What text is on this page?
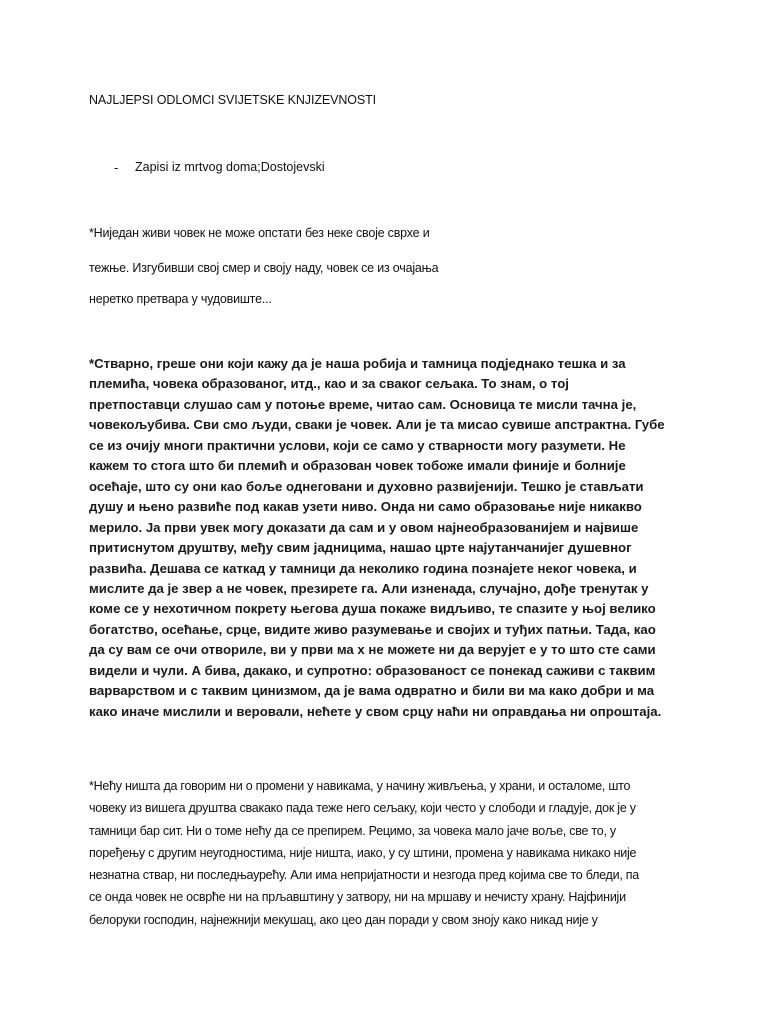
NAJLJEPSI ODLOMCI SVIJETSKE KNJIZEVNOSTI
- Zapisi iz mrtvog doma;Dostojevski
*Ниједан живи човек не може опстати без неке своје сврхе и
тежње. Изгубивши свој смер и своју наду, човек се из очајања
неретко претвара у чудовиште...
*Стварно, греше они који кажу да је наша робија и тамница подједнако тешка и за
племића, човека образованог, итд., као и за сваког сељака. То знам, о тој
претпоставци слушао сам у потоње време, читао сам. Основица те мисли тачна је,
човекољубива. Сви смо људи, сваки је човек. Али је та мисао сувише апстрактна. Губе
се из очију многи практични услови, који се само у стварности могу разумети. Не
кажем то стога што би племић и образован човек тобоже имали финије и болније
осећаје, што су они као боље однеговани и духовно развијенији. Тешко је стављати
душу и њено развиће под какав узети ниво. Онда ни само образовање није никакво
мерило. Ја први увек могу доказати да сам и у овом најнеобразованијем и највише
притиснутом друштву, међу свим јадницима, нашао црте најутанчанијег душевног
развића. Дешава се каткад у тамници да неколико година познајете неког човека, и
мислите да је звер а не човек, презирете га. Али изненада, случајно, дође тренутак у
коме се у нехотичном покрету његова душа покаже видљиво, те спазите у њој велико
богатство, осећање, срце, видите живо разумевање и својих и туђих патњи. Тада, као
да су вам се очи отвориле, ви у први ма х не можете ни да верујет е у то што сте сами
видели и чули. А бива, дакако, и супротно: образованост се понекад саживи с таквим
варварством и с таквим цинизмом, да је вама одвратно и били ви ма како добри и ма
како иначе мислили и веровали, нећете у свом срцу наћи ни оправдања ни опроштаја.
*Нећу ништа да говорим ни о промени у навикама, у начину живљења, у храни, и осталоме, што
човеку из вишега друштва свакако пада теже него сељаку, који често у слободи и гладује, док је у
тамници бар сит. Ни о томе нећу да се препирем. Рецимо, за човека мало јаче воље, све то, у
поређењу с другим неугодностима, није ништа, иако, у су штини, промена у навикама никако није
незнатна ствар, ни последњаурећу. Али има непријатности и незгода пред којима све то бледи, па
се онда човек не осврће ни на прљавштину у затвору, ни на мршаву и нечисту храну. Најфинији
белоруки господин, најнежнији мекушац, ако цео дан поради у свом зноју како никад није у
